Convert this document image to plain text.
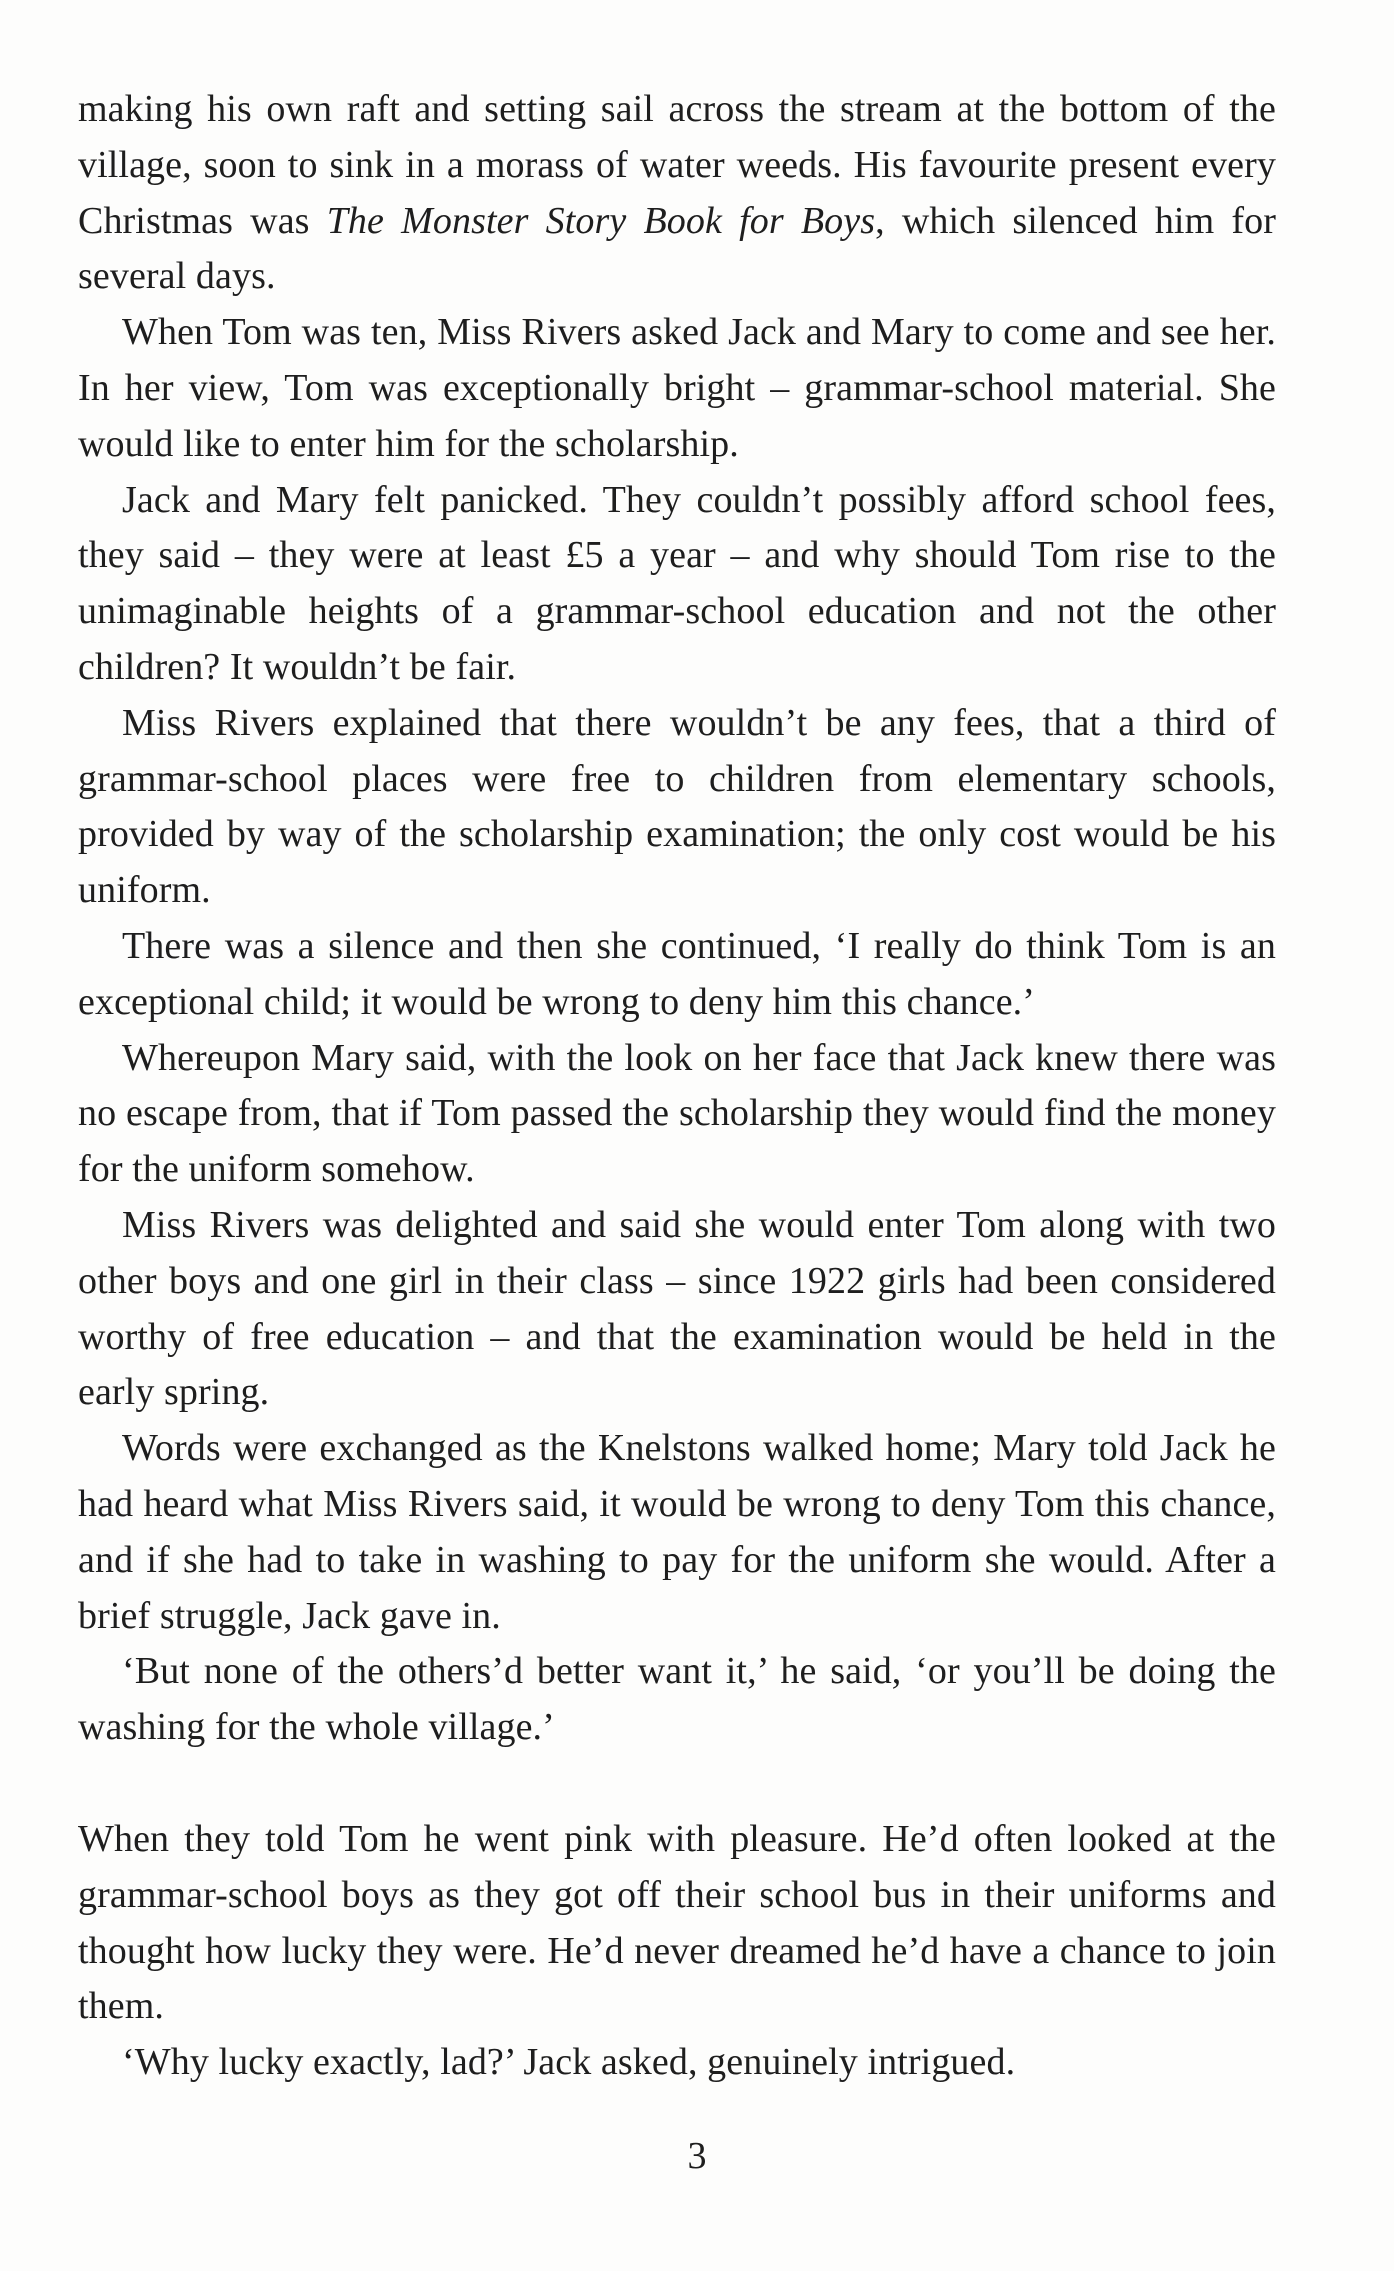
making his own raft and setting sail across the stream at the bottom of the village, soon to sink in a morass of water weeds. His favourite present every Christmas was The Monster Story Book for Boys, which silenced him for several days.

When Tom was ten, Miss Rivers asked Jack and Mary to come and see her. In her view, Tom was exceptionally bright – grammar-school material. She would like to enter him for the scholarship.

Jack and Mary felt panicked. They couldn’t possibly afford school fees, they said – they were at least £5 a year – and why should Tom rise to the unimaginable heights of a grammar-school education and not the other children? It wouldn’t be fair.

Miss Rivers explained that there wouldn’t be any fees, that a third of grammar-school places were free to children from elementary schools, provided by way of the scholarship examination; the only cost would be his uniform.

There was a silence and then she continued, ‘I really do think Tom is an exceptional child; it would be wrong to deny him this chance.’

Whereupon Mary said, with the look on her face that Jack knew there was no escape from, that if Tom passed the scholarship they would find the money for the uniform somehow.

Miss Rivers was delighted and said she would enter Tom along with two other boys and one girl in their class – since 1922 girls had been considered worthy of free education – and that the examination would be held in the early spring.

Words were exchanged as the Knelstons walked home; Mary told Jack he had heard what Miss Rivers said, it would be wrong to deny Tom this chance, and if she had to take in washing to pay for the uniform she would. After a brief struggle, Jack gave in.

‘But none of the others’d better want it,’ he said, ‘or you’ll be doing the washing for the whole village.’

When they told Tom he went pink with pleasure. He’d often looked at the grammar-school boys as they got off their school bus in their uniforms and thought how lucky they were. He’d never dreamed he’d have a chance to join them.

‘Why lucky exactly, lad?’ Jack asked, genuinely intrigued.

3
